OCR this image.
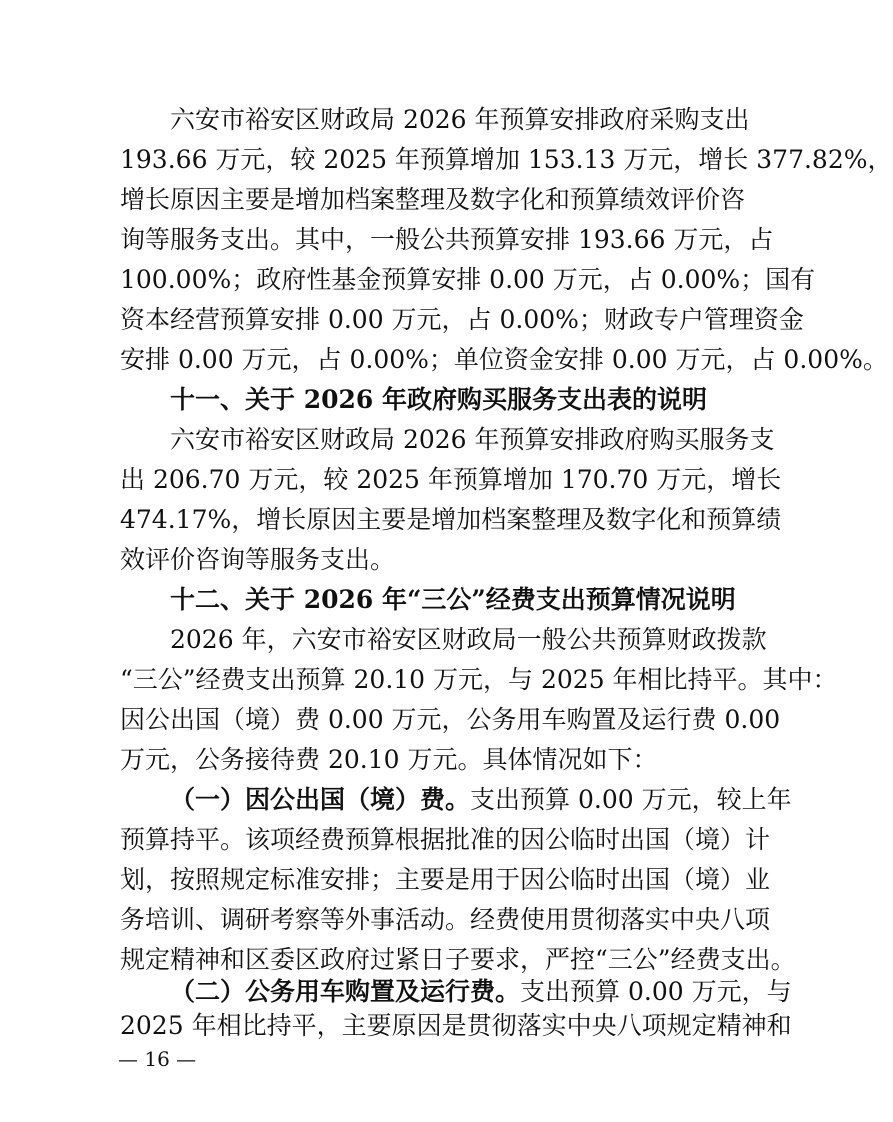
六安市裕安区财政局 2026 年预算安排政府采购支出
193.66 万元，较 2025 年预算增加 153.13 万元，增长 377.82%，
增长原因主要是增加档案整理及数字化和预算绩效评价咨
询等服务支出。其中，一般公共预算安排 193.66 万元，占
100.00%；政府性基金预算安排 0.00 万元，占 0.00%；国有
资本经营预算安排 0.00 万元，占 0.00%；财政专户管理资金
安排 0.00 万元，占 0.00%；单位资金安排 0.00 万元，占 0.00%。
十一、关于 2026 年政府购买服务支出表的说明
六安市裕安区财政局 2026 年预算安排政府购买服务支
出 206.70 万元，较 2025 年预算增加 170.70 万元，增长
474.17%，增长原因主要是增加档案整理及数字化和预算绩
效评价咨询等服务支出。
十二、关于 2026 年“三公”经费支出预算情况说明
2026 年，六安市裕安区财政局一般公共预算财政拨款
“三公”经费支出预算 20.10 万元，与 2025 年相比持平。其中：
因公出国（境）费 0.00 万元，公务用车购置及运行费 0.00
万元，公务接待费 20.10 万元。具体情况如下：
（一）因公出国（境）费。支出预算 0.00 万元，较上年
预算持平。该项经费预算根据批准的因公临时出国（境）计
划，按照规定标准安排；主要是用于因公临时出国（境）业
务培训、调研考察等外事活动。经费使用贯彻落实中央八项
规定精神和区委区政府过紧日子要求，严控“三公”经费支出。
（二）公务用车购置及运行费。支出预算 0.00 万元，与
— 16 —
2025 年相比持平，主要原因是贯彻落实中央八项规定精神和
